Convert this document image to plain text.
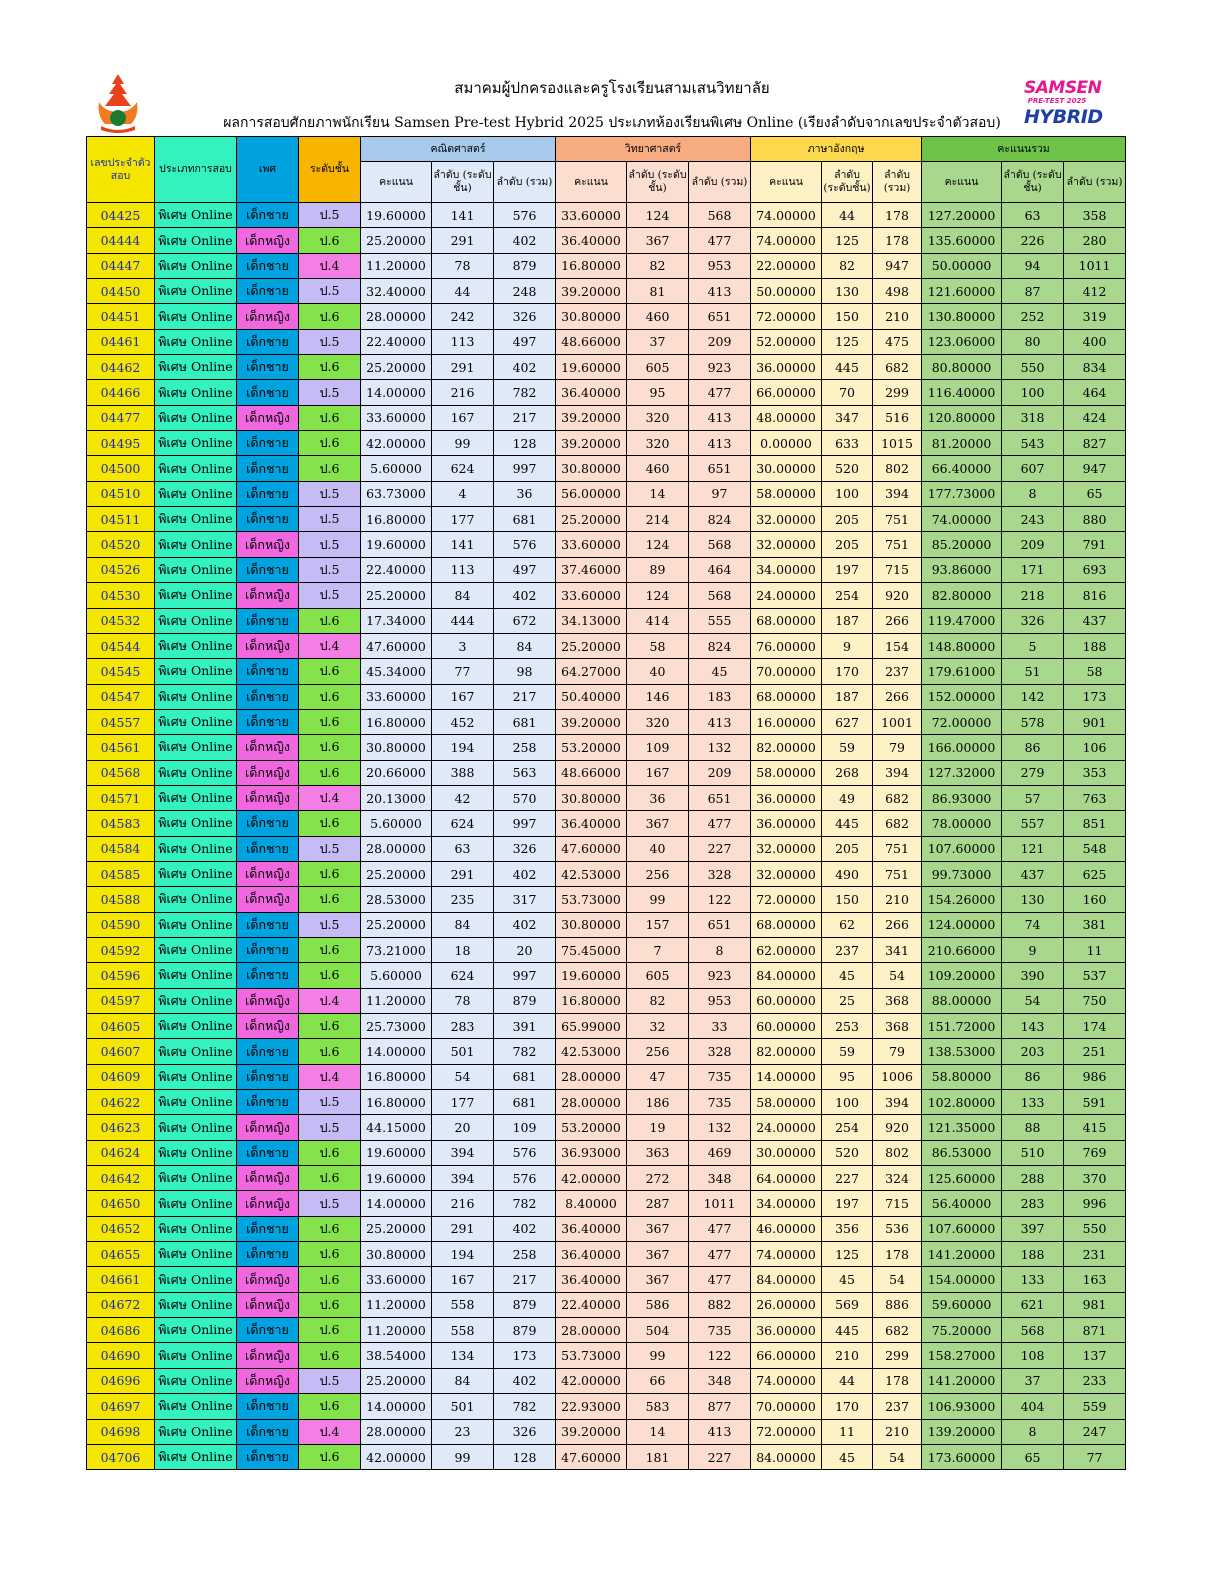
สมาคมผู้ปกครองและครูโรงเรียนสามเสนวิทยาลัย
ผลการสอบศักยภาพนักเรียน Samsen Pre-test Hybrid 2025 ประเภทห้องเรียนพิเศษ Online (เรียงลำดับจากเลขประจำตัวสอบ)
SAMSEN
PRE-TEST 2025
HYBRID
เลขประจำตัวสอบ	ประเภทการสอบ	เพศ	ระดับชั้น	คณิตศาสตร์			วิทยาศาสตร์			ภาษาอังกฤษ			คะแนนรวม		
				คะแนน	ลำดับ (ระดับชั้น)	ลำดับ (รวม)	คะแนน	ลำดับ (ระดับชั้น)	ลำดับ (รวม)	คะแนน	ลำดับ (ระดับชั้น)	ลำดับ (รวม)	คะแนน	ลำดับ (ระดับชั้น)	ลำดับ (รวม)
04425	พิเศษ Online	เด็กชาย	ป.5	19.60000	141	576	33.60000	124	568	74.00000	44	178	127.20000	63	358
04444	พิเศษ Online	เด็กหญิง	ป.6	25.20000	291	402	36.40000	367	477	74.00000	125	178	135.60000	226	280
04447	พิเศษ Online	เด็กชาย	ป.4	11.20000	78	879	16.80000	82	953	22.00000	82	947	50.00000	94	1011
04450	พิเศษ Online	เด็กชาย	ป.5	32.40000	44	248	39.20000	81	413	50.00000	130	498	121.60000	87	412
04451	พิเศษ Online	เด็กหญิง	ป.6	28.00000	242	326	30.80000	460	651	72.00000	150	210	130.80000	252	319
04461	พิเศษ Online	เด็กชาย	ป.5	22.40000	113	497	48.66000	37	209	52.00000	125	475	123.06000	80	400
04462	พิเศษ Online	เด็กชาย	ป.6	25.20000	291	402	19.60000	605	923	36.00000	445	682	80.80000	550	834
04466	พิเศษ Online	เด็กชาย	ป.5	14.00000	216	782	36.40000	95	477	66.00000	70	299	116.40000	100	464
04477	พิเศษ Online	เด็กหญิง	ป.6	33.60000	167	217	39.20000	320	413	48.00000	347	516	120.80000	318	424
04495	พิเศษ Online	เด็กชาย	ป.6	42.00000	99	128	39.20000	320	413	0.00000	633	1015	81.20000	543	827
04500	พิเศษ Online	เด็กชาย	ป.6	5.60000	624	997	30.80000	460	651	30.00000	520	802	66.40000	607	947
04510	พิเศษ Online	เด็กชาย	ป.5	63.73000	4	36	56.00000	14	97	58.00000	100	394	177.73000	8	65
04511	พิเศษ Online	เด็กชาย	ป.5	16.80000	177	681	25.20000	214	824	32.00000	205	751	74.00000	243	880
04520	พิเศษ Online	เด็กหญิง	ป.5	19.60000	141	576	33.60000	124	568	32.00000	205	751	85.20000	209	791
04526	พิเศษ Online	เด็กชาย	ป.5	22.40000	113	497	37.46000	89	464	34.00000	197	715	93.86000	171	693
04530	พิเศษ Online	เด็กหญิง	ป.5	25.20000	84	402	33.60000	124	568	24.00000	254	920	82.80000	218	816
04532	พิเศษ Online	เด็กชาย	ป.6	17.34000	444	672	34.13000	414	555	68.00000	187	266	119.47000	326	437
04544	พิเศษ Online	เด็กหญิง	ป.4	47.60000	3	84	25.20000	58	824	76.00000	9	154	148.80000	5	188
04545	พิเศษ Online	เด็กชาย	ป.6	45.34000	77	98	64.27000	40	45	70.00000	170	237	179.61000	51	58
04547	พิเศษ Online	เด็กชาย	ป.6	33.60000	167	217	50.40000	146	183	68.00000	187	266	152.00000	142	173
04557	พิเศษ Online	เด็กชาย	ป.6	16.80000	452	681	39.20000	320	413	16.00000	627	1001	72.00000	578	901
04561	พิเศษ Online	เด็กหญิง	ป.6	30.80000	194	258	53.20000	109	132	82.00000	59	79	166.00000	86	106
04568	พิเศษ Online	เด็กหญิง	ป.6	20.66000	388	563	48.66000	167	209	58.00000	268	394	127.32000	279	353
04571	พิเศษ Online	เด็กหญิง	ป.4	20.13000	42	570	30.80000	36	651	36.00000	49	682	86.93000	57	763
04583	พิเศษ Online	เด็กชาย	ป.6	5.60000	624	997	36.40000	367	477	36.00000	445	682	78.00000	557	851
04584	พิเศษ Online	เด็กชาย	ป.5	28.00000	63	326	47.60000	40	227	32.00000	205	751	107.60000	121	548
04585	พิเศษ Online	เด็กหญิง	ป.6	25.20000	291	402	42.53000	256	328	32.00000	490	751	99.73000	437	625
04588	พิเศษ Online	เด็กหญิง	ป.6	28.53000	235	317	53.73000	99	122	72.00000	150	210	154.26000	130	160
04590	พิเศษ Online	เด็กชาย	ป.5	25.20000	84	402	30.80000	157	651	68.00000	62	266	124.00000	74	381
04592	พิเศษ Online	เด็กชาย	ป.6	73.21000	18	20	75.45000	7	8	62.00000	237	341	210.66000	9	11
04596	พิเศษ Online	เด็กชาย	ป.6	5.60000	624	997	19.60000	605	923	84.00000	45	54	109.20000	390	537
04597	พิเศษ Online	เด็กหญิง	ป.4	11.20000	78	879	16.80000	82	953	60.00000	25	368	88.00000	54	750
04605	พิเศษ Online	เด็กหญิง	ป.6	25.73000	283	391	65.99000	32	33	60.00000	253	368	151.72000	143	174
04607	พิเศษ Online	เด็กชาย	ป.6	14.00000	501	782	42.53000	256	328	82.00000	59	79	138.53000	203	251
04609	พิเศษ Online	เด็กชาย	ป.4	16.80000	54	681	28.00000	47	735	14.00000	95	1006	58.80000	86	986
04622	พิเศษ Online	เด็กชาย	ป.5	16.80000	177	681	28.00000	186	735	58.00000	100	394	102.80000	133	591
04623	พิเศษ Online	เด็กหญิง	ป.5	44.15000	20	109	53.20000	19	132	24.00000	254	920	121.35000	88	415
04624	พิเศษ Online	เด็กชาย	ป.6	19.60000	394	576	36.93000	363	469	30.00000	520	802	86.53000	510	769
04642	พิเศษ Online	เด็กหญิง	ป.6	19.60000	394	576	42.00000	272	348	64.00000	227	324	125.60000	288	370
04650	พิเศษ Online	เด็กหญิง	ป.5	14.00000	216	782	8.40000	287	1011	34.00000	197	715	56.40000	283	996
04652	พิเศษ Online	เด็กชาย	ป.6	25.20000	291	402	36.40000	367	477	46.00000	356	536	107.60000	397	550
04655	พิเศษ Online	เด็กชาย	ป.6	30.80000	194	258	36.40000	367	477	74.00000	125	178	141.20000	188	231
04661	พิเศษ Online	เด็กหญิง	ป.6	33.60000	167	217	36.40000	367	477	84.00000	45	54	154.00000	133	163
04672	พิเศษ Online	เด็กหญิง	ป.6	11.20000	558	879	22.40000	586	882	26.00000	569	886	59.60000	621	981
04686	พิเศษ Online	เด็กชาย	ป.6	11.20000	558	879	28.00000	504	735	36.00000	445	682	75.20000	568	871
04690	พิเศษ Online	เด็กหญิง	ป.6	38.54000	134	173	53.73000	99	122	66.00000	210	299	158.27000	108	137
04696	พิเศษ Online	เด็กหญิง	ป.5	25.20000	84	402	42.00000	66	348	74.00000	44	178	141.20000	37	233
04697	พิเศษ Online	เด็กชาย	ป.6	14.00000	501	782	22.93000	583	877	70.00000	170	237	106.93000	404	559
04698	พิเศษ Online	เด็กชาย	ป.4	28.00000	23	326	39.20000	14	413	72.00000	11	210	139.20000	8	247
04706	พิเศษ Online	เด็กชาย	ป.6	42.00000	99	128	47.60000	181	227	84.00000	45	54	173.60000	65	77
